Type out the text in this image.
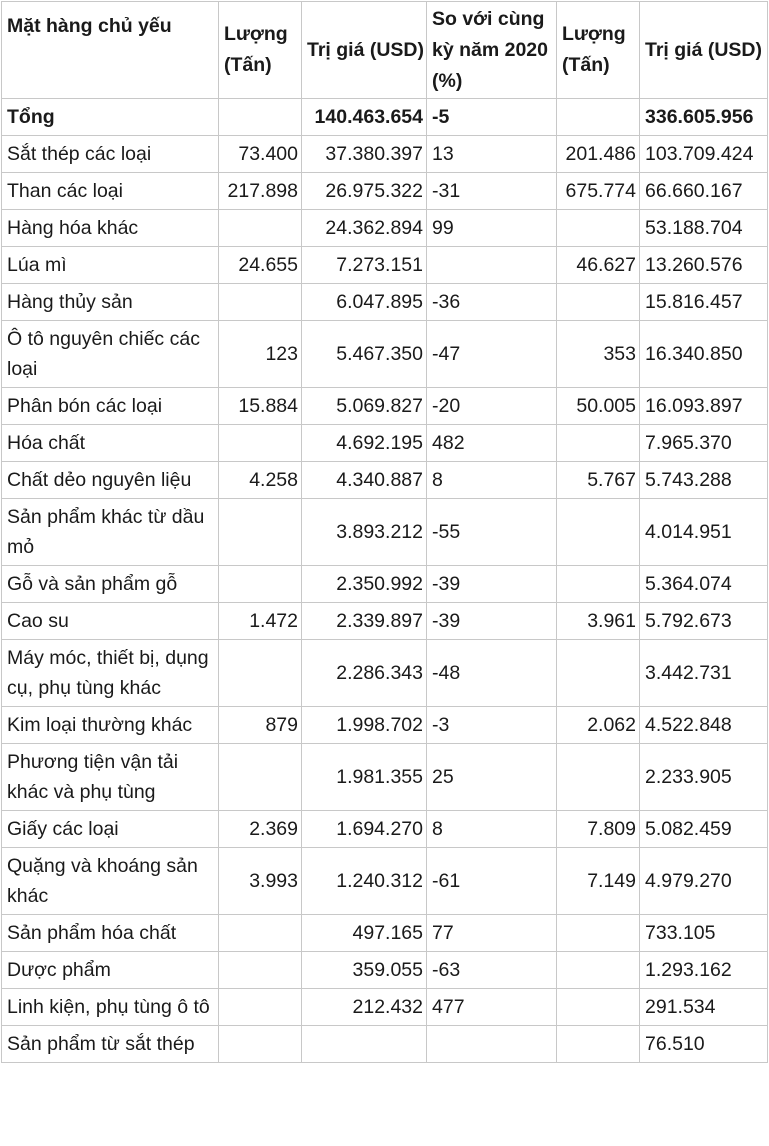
Mặt hàng chủ yếu	Lượng (Tấn)	Trị giá (USD)	So với cùng kỳ năm 2020 (%)	Lượng (Tấn)	Trị giá (USD)
Tổng		140.463.654	-5		336.605.956
Sắt thép các loại	73.400	37.380.397	13	201.486	103.709.424
Than các loại	217.898	26.975.322	-31	675.774	66.660.167
Hàng hóa khác		24.362.894	99		53.188.704
Lúa mì	24.655	7.273.151		46.627	13.260.576
Hàng thủy sản		6.047.895	-36		15.816.457
Ô tô nguyên chiếc các loại	123	5.467.350	-47	353	16.340.850
Phân bón các loại	15.884	5.069.827	-20	50.005	16.093.897
Hóa chất		4.692.195	482		7.965.370
Chất dẻo nguyên liệu	4.258	4.340.887	8	5.767	5.743.288
Sản phẩm khác từ dầu mỏ		3.893.212	-55		4.014.951
Gỗ và sản phẩm gỗ		2.350.992	-39		5.364.074
Cao su	1.472	2.339.897	-39	3.961	5.792.673
Máy móc, thiết bị, dụng cụ, phụ tùng khác		2.286.343	-48		3.442.731
Kim loại thường khác	879	1.998.702	-3	2.062	4.522.848
Phương tiện vận tải khác và phụ tùng		1.981.355	25		2.233.905
Giấy các loại	2.369	1.694.270	8	7.809	5.082.459
Quặng và khoáng sản khác	3.993	1.240.312	-61	7.149	4.979.270
Sản phẩm hóa chất		497.165	77		733.105
Dược phẩm		359.055	-63		1.293.162
Linh kiện, phụ tùng ô tô		212.432	477		291.534
Sản phẩm từ sắt thép					76.510
